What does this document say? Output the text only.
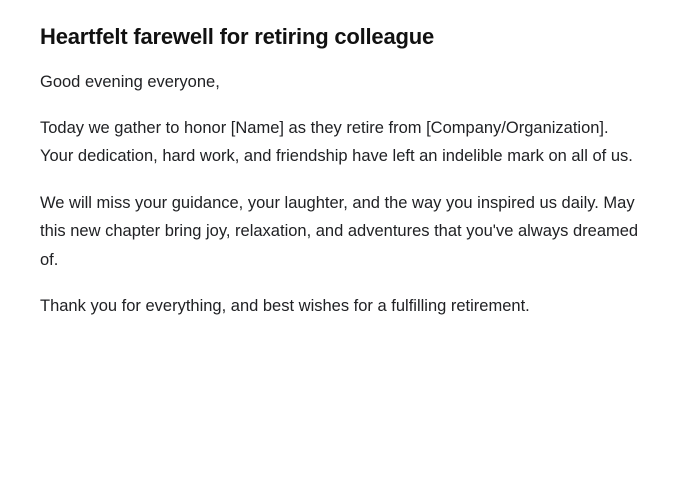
Heartfelt farewell for retiring colleague

Good evening everyone,

Today we gather to honor [Name] as they retire from [Company/Organization]. Your dedication, hard work, and friendship have left an indelible mark on all of us.

We will miss your guidance, your laughter, and the way you inspired us daily. May this new chapter bring joy, relaxation, and adventures that you've always dreamed of.

Thank you for everything, and best wishes for a fulfilling retirement.
